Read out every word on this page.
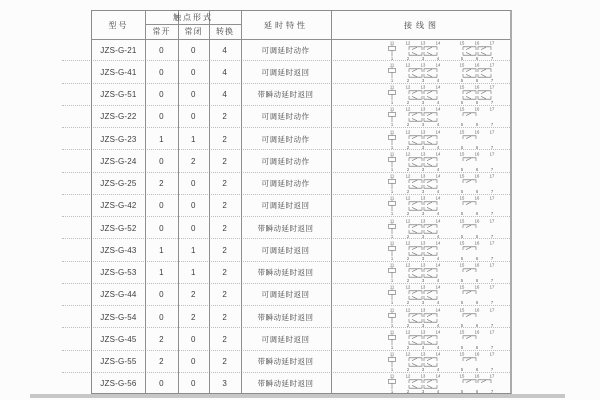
型号
触点形式
常开	常闭	转换
延时特性	接线图
JZS-G-21	0	0	4	可调延时动作
11
1
12 13 14
2	3	4
15 16 17
5	6	7
JZS-G-41	0	0	4	可调延时返回
11
1
12 13 14
2	3	4
15 16 17
5	6	7
JZS-G-51	0	0	4	带瞬动延时返回
11
1
12 13 14
2	3	4
15 16 17
5	6	7
JZS-G-22	0	0	2	可调延时动作
11
1
12 13 14
2	3	4
15 16 17
5	6	7
JZS-G-23	1	1	2	可调延时动作
11
1
12 13 14
2	3	4
15 16 17
5	6	7
JZS-G-24	0	2	2	可调延时动作
11
1
12 13 14
2	3	4
15 16 17
5	6	7
JZS-G-25	2	0	2	可调延时动作
11
1
12 13 14
2	3	4
15 16 17
5	6	7
JZS-G-42	0	0	2	可调延时返回
11
1
12 13 14
2	3	4
15 16 17
5	6	7
JZS-G-52	0	0	2	带瞬动延时返回
11
1
12 13 14
2	3	4
15 16 17
5	6	7
JZS-G-43	1	1	2	可调延时返回
11
1
12 13 14
2	3	4
15 16 17
5	6	7
JZS-G-53	1	1	2	带瞬动延时返回
11
1
12 13 14
2	3	4
15 16 17
5	6	7
JZS-G-44	0	2	2	可调延时返回
11
1
12 13 14
2	3	4
15 16 17
5	6	7
JZS-G-54	0	2	2	带瞬动延时返回
11
1
12 13 14
2	3	4
15 16 17
5	6	7
JZS-G-45	2	0	2	可调延时返回
11
1
12 13 14
2	3	4
15 16 17
5	6	7
JZS-G-55	2	0	2	带瞬动延时返回
11
1
12 13 14
2	3	4
15 16 17
5	6	7
JZS-G-56	0	0	3	带瞬动延时返回
11
1
12 13 14
2	3	4
15 16 17
5	6	7
